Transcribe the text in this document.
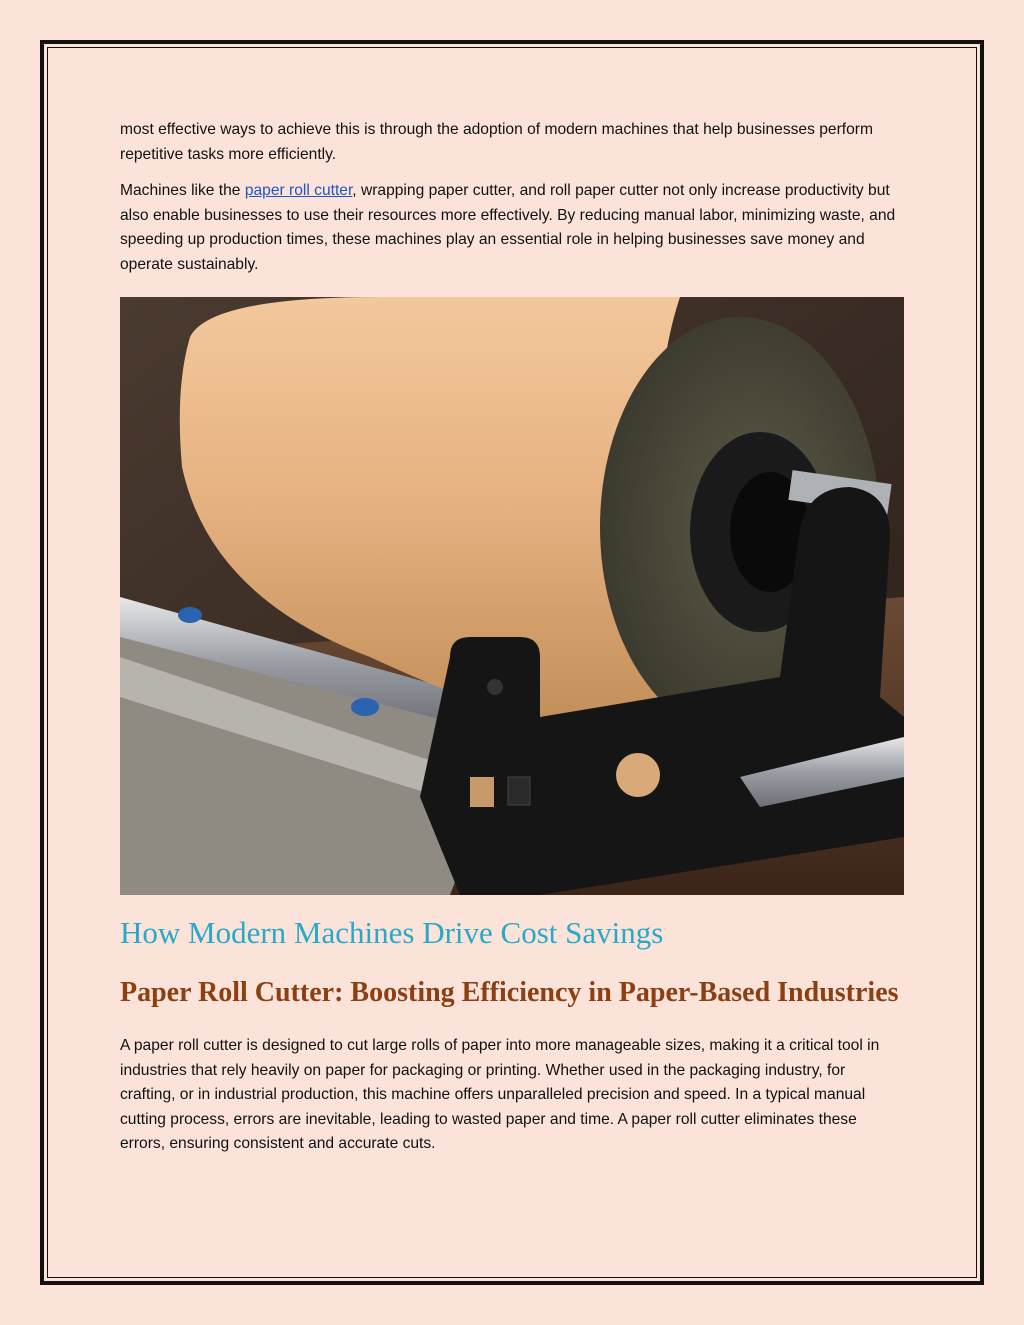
most effective ways to achieve this is through the adoption of modern machines that help businesses perform repetitive tasks more efficiently.

Machines like the paper roll cutter, wrapping paper cutter, and roll paper cutter not only increase productivity but also enable businesses to use their resources more effectively. By reducing manual labor, minimizing waste, and speeding up production times, these machines play an essential role in helping businesses save money and operate sustainably.

How Modern Machines Drive Cost Savings
Paper Roll Cutter: Boosting Efficiency in Paper-Based Industries

A paper roll cutter is designed to cut large rolls of paper into more manageable sizes, making it a critical tool in industries that rely heavily on paper for packaging or printing. Whether used in the packaging industry, for crafting, or in industrial production, this machine offers unparalleled precision and speed. In a typical manual cutting process, errors are inevitable, leading to wasted paper and time. A paper roll cutter eliminates these errors, ensuring consistent and accurate cuts.
